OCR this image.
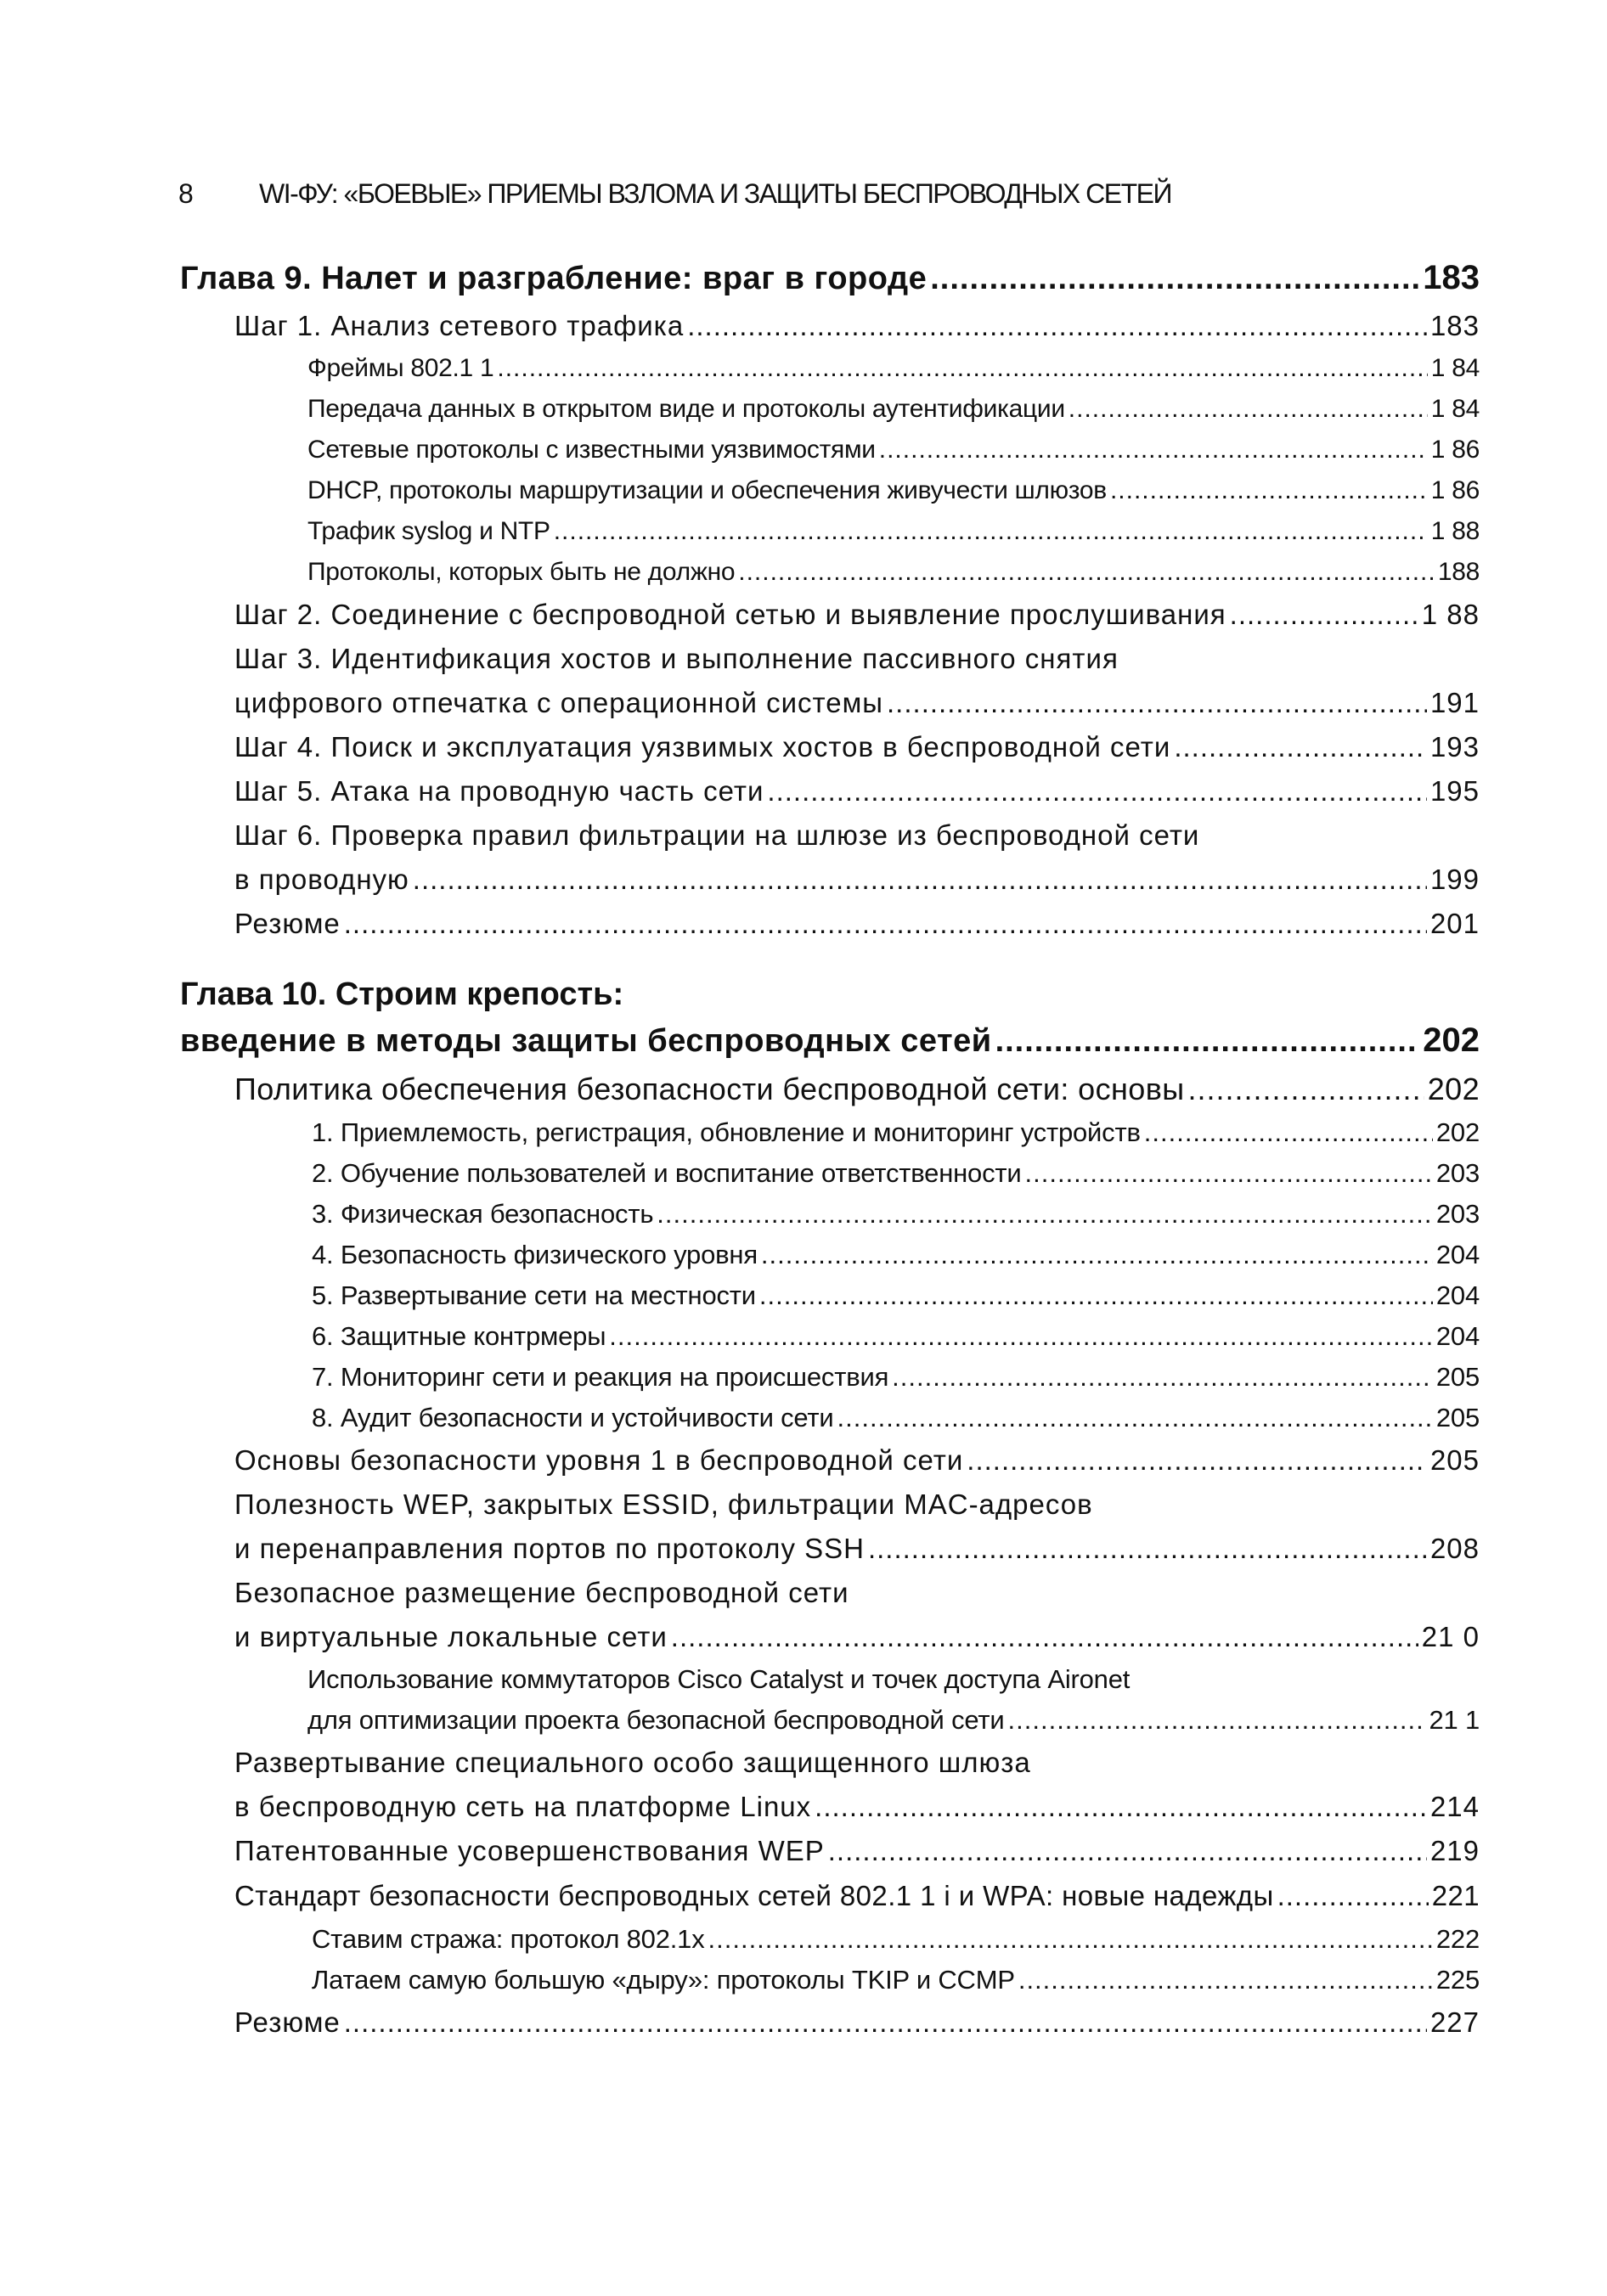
8	WI-ФУ: «БОЕВЫЕ» ПРИЕМЫ ВЗЛОМА И ЗАЩИТЫ БЕСПРОВОДНЫХ СЕТЕЙ
Глава 9. Налет и разграбление: враг в городе .....	183
Шаг 1. Анализ сетевого трафика .....	183
Фреймы 802.1 1 .....	1 84
Передача данных в открытом виде и протоколы аутентификации .....	1 84
Сетевые протоколы с известными уязвимостями .....	1 86
DHCP, протоколы маршрутизации и обеспечения живучести шлюзов .....	1 86
Трафик syslog и NTP .....	1 88
Протоколы, которых быть не должно .....	188
Шаг 2. Соединение с беспроводной сетью и выявление прослушивания .....	1 88
Шаг 3. Идентификация хостов и выполнение пассивного снятия
цифрового отпечатка с операционной системы .....	191
Шаг 4. Поиск и эксплуатация уязвимых хостов в беспроводной сети .....	193
Шаг 5. Атака на проводную часть сети .....	195
Шаг 6. Проверка правил фильтрации на шлюзе из беспроводной сети
в проводную .....	199
Резюме .....	201
Глава 10. Строим крепость:
введение в методы защиты беспроводных сетей .....	202
Политика обеспечения безопасности беспроводной сети: основы .....	202
1. Приемлемость, регистрация, обновление и мониторинг устройств .....	202
2. Обучение пользователей и воспитание ответственности .....	203
3. Физическая безопасность .....	203
4. Безопасность физического уровня .....	204
5. Развертывание сети на местности .....	204
6. Защитные контрмеры .....	204
7. Мониторинг сети и реакция на происшествия .....	205
8. Аудит безопасности и устойчивости сети .....	205
Основы безопасности уровня 1 в беспроводной сети .....	205
Полезность WEP, закрытых ESSID, фильтрации MAC-адресов
и перенаправления портов по протоколу SSH .....	208
Безопасное размещение беспроводной сети
и виртуальные локальные сети .....	21 0
Использование коммутаторов Cisco Catalyst и точек доступа Aironet
для оптимизации проекта безопасной беспроводной сети .....	21 1
Развертывание специального особо защищенного шлюза
в беспроводную сеть на платформе Linux .....	214
Патентованные усовершенствования WEP .....	219
Стандарт безопасности беспроводных сетей 802.1 1 i и WPA: новые надежды .....	221
Ставим стража: протокол 802.1x .....	222
Латаем самую большую «дыру»: протоколы TKIP и CCMP .....	225
Резюме .....	227
